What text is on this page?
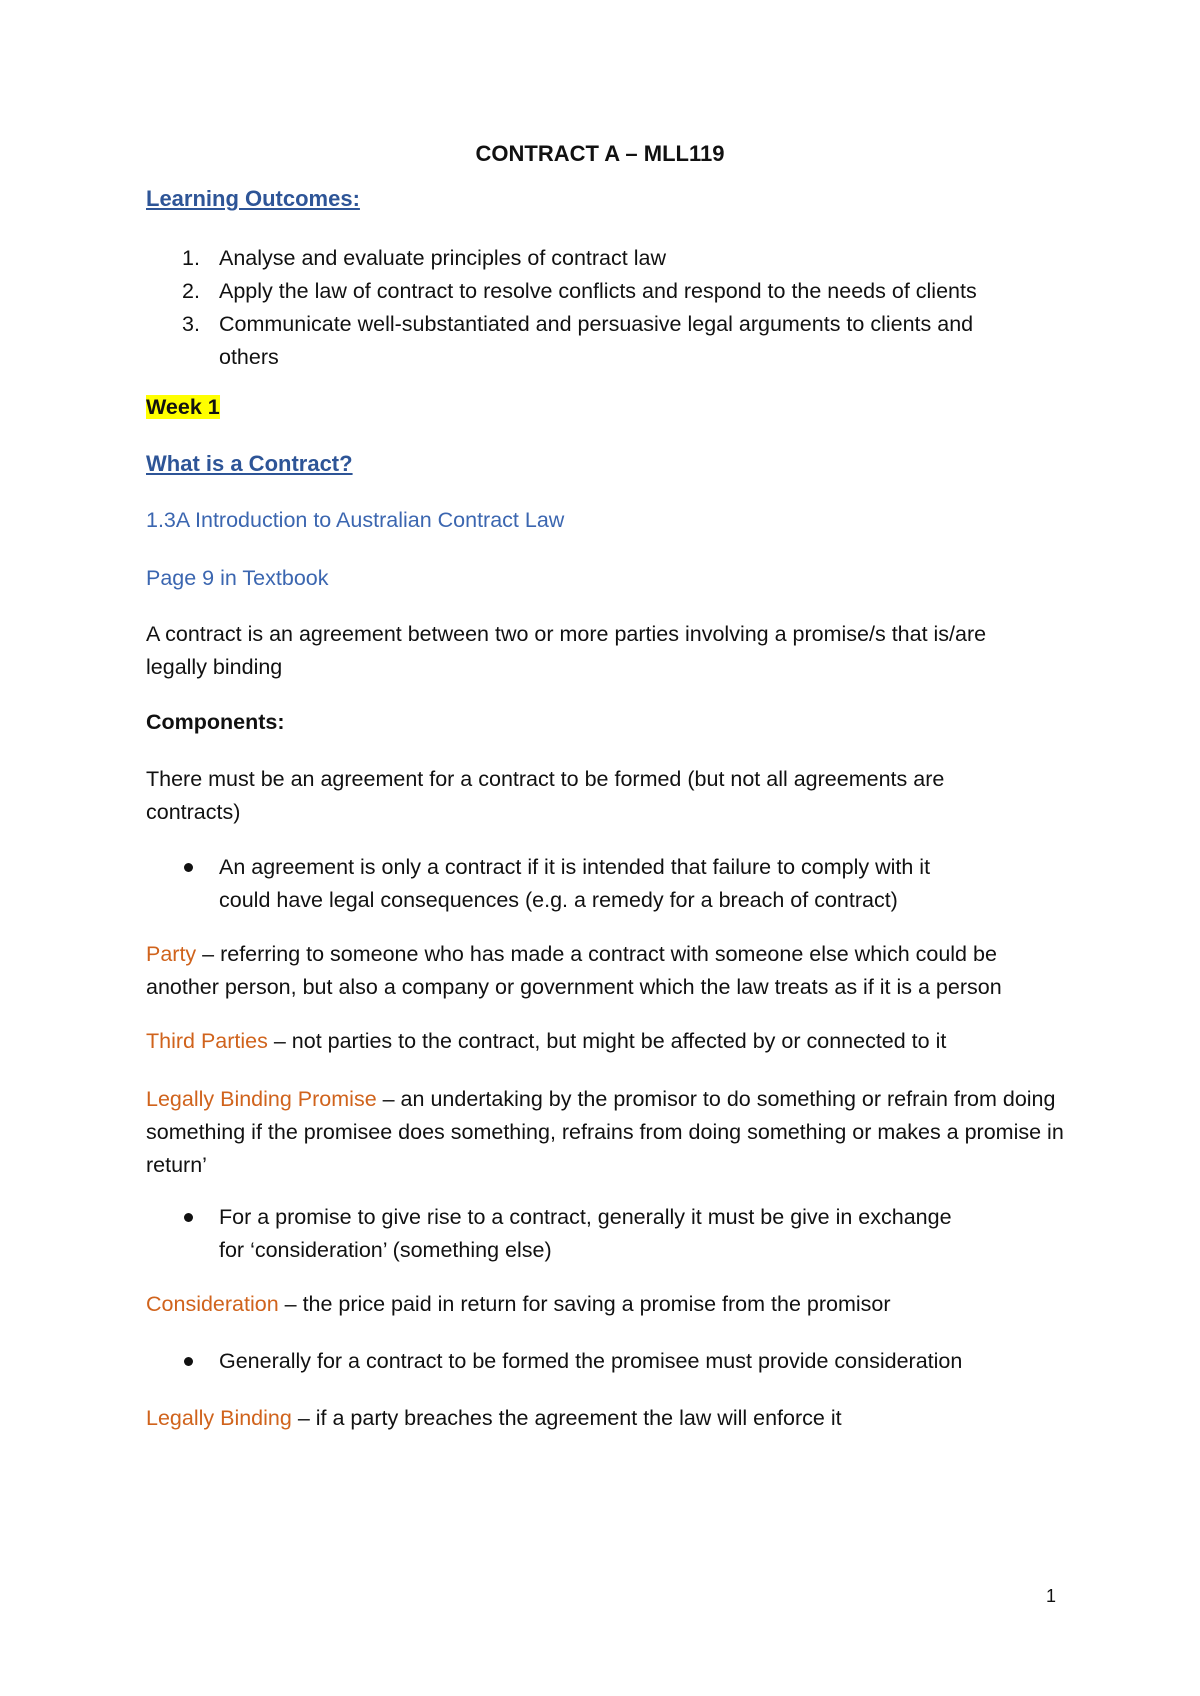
CONTRACT A – MLL119

Learning Outcomes:

1. Analyse and evaluate principles of contract law
2. Apply the law of contract to resolve conflicts and respond to the needs of clients
3. Communicate well-substantiated and persuasive legal arguments to clients and others

Week 1

What is a Contract?

1.3A Introduction to Australian Contract Law

Page 9 in Textbook

A contract is an agreement between two or more parties involving a promise/s that is/are legally binding

Components:

There must be an agreement for a contract to be formed (but not all agreements are contracts)

An agreement is only a contract if it is intended that failure to comply with it could have legal consequences (e.g. a remedy for a breach of contract)

Party – referring to someone who has made a contract with someone else which could be another person, but also a company or government which the law treats as if it is a person

Third Parties – not parties to the contract, but might be affected by or connected to it

Legally Binding Promise – an undertaking by the promisor to do something or refrain from doing something if the promisee does something, refrains from doing something or makes a promise in return’

For a promise to give rise to a contract, generally it must be give in exchange for ‘consideration’ (something else)

Consideration – the price paid in return for saving a promise from the promisor

Generally for a contract to be formed the promisee must provide consideration

Legally Binding – if a party breaches the agreement the law will enforce it

1
